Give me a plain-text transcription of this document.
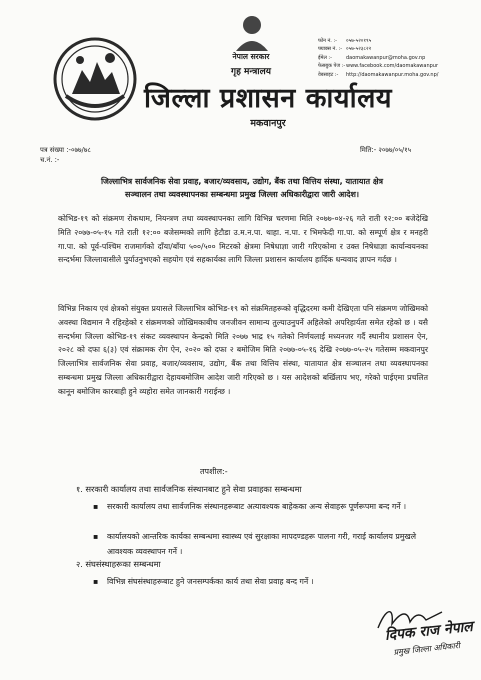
नेपाल सरकार
गृह मन्त्रालय
फोन नं. :-	०५७-५२०१९५
फ्याक्स नं. :- ०५७-५२३८२२
ईमेल :-	daomakawanpur@moha.gov.np
फेसबुक पेज :- www.facebook.com/daomakawanpur
वेबसाइट :-	http://daomakawanpur.moha.gov.np/
जिल्ला प्रशासन कार्यालय
मकवानपुर
पत्र संख्या :-०७७/७८
च.नं. :-
मिति:- २०७७/०५/१५
जिल्लाभित्र सार्वजनिक सेवा प्रवाह, बजार/व्यवसाय, उद्योग, बैंक तथा वित्तिय संस्था, यातायात क्षेत्र
सञ्चालन तथा व्यवस्थापनका सम्बन्धमा प्रमुख जिल्ला अधिकारीद्वारा जारी आदेश।
कोभिड-१९ को संक्रमण रोकथाम, नियन्त्रण तथा व्यवस्थापनका लागि विभिन्न चरणमा मिति २०७७-०४-२६ गते राती १२:०० बजेदेखि मिति २०७७-०५-१५ गते राती १२:०० बजेसम्मको लागि हेटौडा उ.म.न.पा. थाहा. न.पा. र भिमफेदी गा.पा. को सम्पूर्ण क्षेत्र र मनहरी गा.पा. को पूर्व-पश्चिम राजमार्गको दाँया/बाँया ५००/५०० मिटरको क्षेत्रमा निषेधाज्ञा जारी गरिएकोमा र उक्त निषेधाज्ञा कार्यान्वयनका सन्दर्भमा जिल्लावासीले पुर्याउनुभएको सहयोग एवं सहकार्यका लागि जिल्ला प्रशासन कार्यालय हार्दिक धन्यवाद ज्ञापन गर्दछ ।
विभिन्न निकाय एवं क्षेत्रको संयुक्त प्रयासले जिल्लाभित्र कोभिड-१९ को संक्रमितहरूको वृद्धिदरमा कमी देखिएता पनि संक्रमण जोखिमको अवस्था विद्यमान नै रहिरहेको र संक्रमणको जोखिमकाबीच जनजीवन सामान्य तुल्याउनुपर्ने अहिलेको अपरिहार्यता समेत रहेको छ । यसै सन्दर्भमा जिल्ला कोभिड-१९ संकट व्यवस्थापन केन्द्रको मिति २०७७ भाद्र १५ गतेको निर्णयलाई मध्यनजर गर्दै स्थानीय प्रशासन ऐन, २०२८ को दफा ६(३) एवं संक्रामक रोग ऐन, २०२० को दफा २ बमोजिम मिति २०७७-०५-१६ देखि २०७७-०५-२५ गतेसम्म मकवानपुर जिल्लाभित्र सार्वजनिक सेवा प्रवाह, बजार/व्यवसाय, उद्योग, बैंक तथा वित्तिय संस्था, यातायात क्षेत्र सञ्चालन तथा व्यवस्थापनका सम्बन्धमा प्रमुख जिल्ला अधिकारीद्वारा देहायबमोजिम आदेश जारी गरिएको छ । यस आदेशको बर्खिलाप भए, गरेको पाईएमा प्रचलित कानून बमोजिम कारबाही हुने व्यहोरा समेत जानकारी गराईन्छ ।
तपशील:-
१. सरकारी कार्यालय तथा सार्वजनिक संस्थानबाट हुने सेवा प्रवाहका सम्बन्धमा
▪	सरकारी कार्यालय तथा सार्वजनिक संस्थानहरूबाट अत्यावश्यक बाहेकका अन्य सेवाहरू पूर्णरूपमा बन्द गर्ने ।
▪	कार्यालयको आन्तरिक कार्यका सम्बन्धमा स्वास्थ्य एवं सुरक्षाका मापदण्डहरू पालना गरी, गराई कार्यालय प्रमुखले आवश्यक व्यवस्थापन गर्ने ।
२. संघसंस्थाहरूका सम्बन्धमा
▪	विभिन्न संघसंस्थाहरूबाट हुने जनसम्पर्कका कार्य तथा सेवा प्रवाह बन्द गर्ने ।
दिपक राज नेपाल
प्रमुख जिल्ला अधिकारी
